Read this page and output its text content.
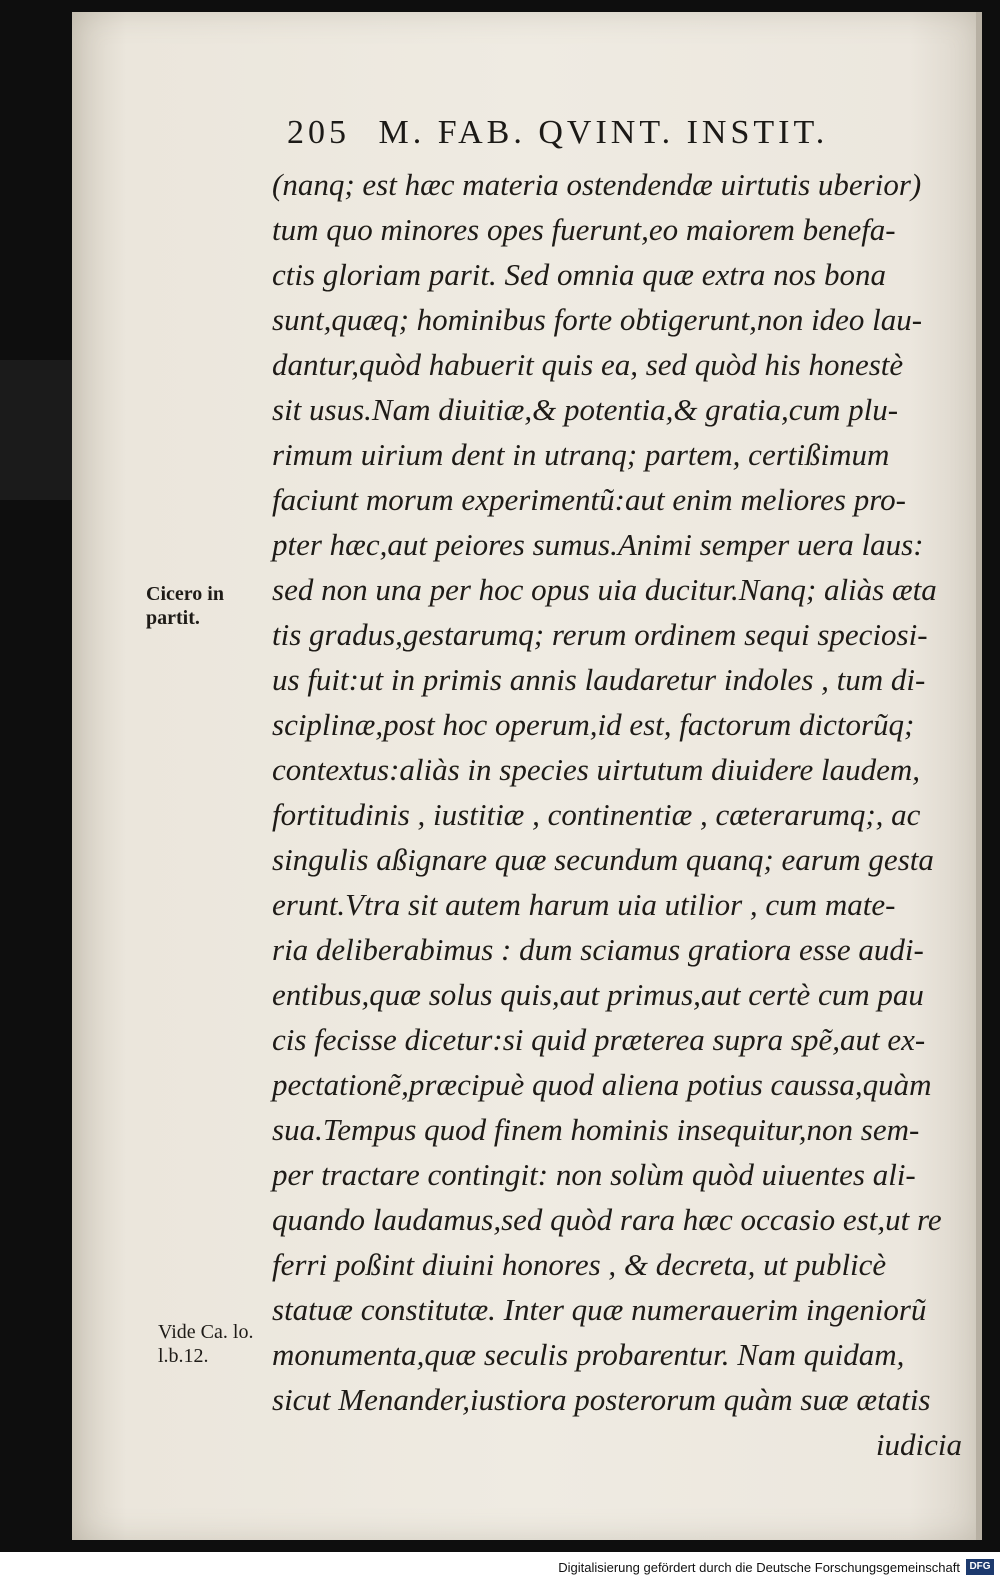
205 M. FAB. QVINT. INSTIT.
Cicero in
partit.
Vide Ca. lo.
l.b.12.
(nanq; est hæc materia ostendendæ uirtutis uberior)
tum quo minores opes fuerunt,eo maiorem benefa-
ctis gloriam parit. Sed omnia quæ extra nos bona
sunt,quæq; hominibus forte obtigerunt,non ideo lau-
dantur,quòd habuerit quis ea, sed quòd his honestè
sit usus.Nam diuitiæ,& potentia,& gratia,cum plu-
rimum uirium dent in utranq; partem, certißimum
faciunt morum experimentũ:aut enim meliores pro-
pter hæc,aut peiores sumus.Animi semper uera laus:
sed non una per hoc opus uia ducitur.Nanq; aliàs æta
tis gradus,gestarumq; rerum ordinem sequi speciosi-
us fuit:ut in primis annis laudaretur indoles , tum di-
sciplinæ,post hoc operum,id est, factorum dictorũq;
contextus:aliàs in species uirtutum diuidere laudem,
fortitudinis , iustitiæ , continentiæ , cæterarumq;, ac
singulis aßignare quæ secundum quanq; earum gesta
erunt.Vtra sit autem harum uia utilior , cum mate-
ria deliberabimus : dum sciamus gratiora esse audi-
entibus,quæ solus quis,aut primus,aut certè cum pau
cis fecisse dicetur:si quid præterea supra spẽ,aut ex-
pectationẽ,præcipuè quod aliena potius caussa,quàm
sua.Tempus quod finem hominis insequitur,non sem-
per tractare contingit: non solùm quòd uiuentes ali-
quando laudamus,sed quòd rara hæc occasio est,ut re
ferri poßint diuini honores , & decreta, ut publicè
statuæ constitutæ. Inter quæ numerauerim ingeniorũ
monumenta,quæ seculis probarentur. Nam quidam,
sicut Menander,iustiora posterorum quàm suæ ætatis
iudicia
Digitalisierung gefördert durch die Deutsche Forschungsgemeinschaft DFG
